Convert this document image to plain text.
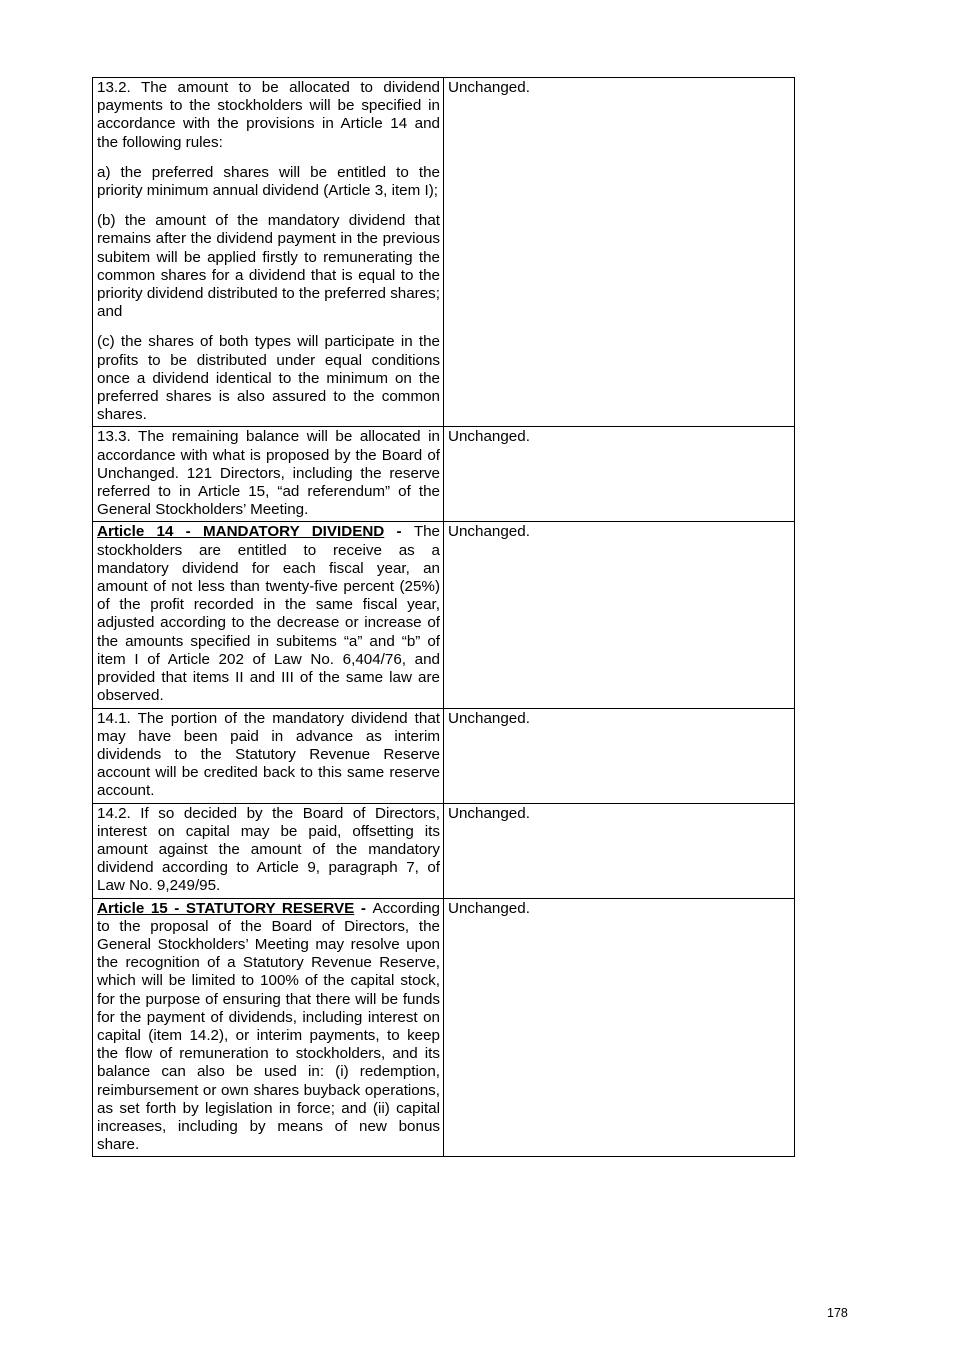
13.2. The amount to be allocated to dividend payments to the stockholders will be specified in accordance with the provisions in Article 14 and the following rules:

a) the preferred shares will be entitled to the priority minimum annual dividend (Article 3, item I);

(b) the amount of the mandatory dividend that remains after the dividend payment in the previous subitem will be applied firstly to remunerating the common shares for a dividend that is equal to the priority dividend distributed to the preferred shares; and

(c) the shares of both types will participate in the profits to be distributed under equal conditions once a dividend identical to the minimum on the preferred shares is also assured to the common shares.	Unchanged.

13.3. The remaining balance will be allocated in accordance with what is proposed by the Board of Unchanged. 121 Directors, including the reserve referred to in Article 15, “ad referendum” of the General Stockholders’ Meeting.	Unchanged.

Article 14 - MANDATORY DIVIDEND - The stockholders are entitled to receive as a mandatory dividend for each fiscal year, an amount of not less than twenty-five percent (25%) of the profit recorded in the same fiscal year, adjusted according to the decrease or increase of the amounts specified in subitems “a” and “b” of item I of Article 202 of Law No. 6,404/76, and provided that items II and III of the same law are observed.	Unchanged.

14.1. The portion of the mandatory dividend that may have been paid in advance as interim dividends to the Statutory Revenue Reserve account will be credited back to this same reserve account.	Unchanged.

14.2. If so decided by the Board of Directors, interest on capital may be paid, offsetting its amount against the amount of the mandatory dividend according to Article 9, paragraph 7, of Law No. 9,249/95.	Unchanged.

Article 15 - STATUTORY RESERVE - According to the proposal of the Board of Directors, the General Stockholders’ Meeting may resolve upon the recognition of a Statutory Revenue Reserve, which will be limited to 100% of the capital stock, for the purpose of ensuring that there will be funds for the payment of dividends, including interest on capital (item 14.2), or interim payments, to keep the flow of remuneration to stockholders, and its balance can also be used in: (i) redemption, reimbursement or own shares buyback operations, as set forth by legislation in force; and (ii) capital increases, including by means of new bonus share.	Unchanged.
178
